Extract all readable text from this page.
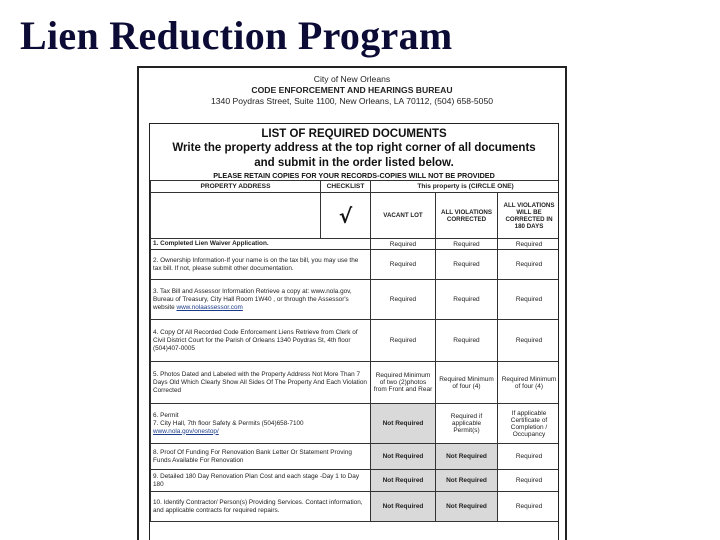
Lien Reduction Program
City of New Orleans
CODE ENFORCEMENT AND HEARINGS BUREAU
1340 Poydras Street, Suite 1100, New Orleans, LA 70112, (504) 658-5050
LIST OF REQUIRED DOCUMENTS
Write the property address at the top right corner of all documents
and submit in the order listed below.
PLEASE RETAIN COPIES FOR YOUR RECORDS-COPIES WILL NOT BE PROVIDED
PROPERTY ADDRESS	CHECKLIST	This property is (CIRCLE ONE)		
	√	VACANT LOT	ALL VIOLATIONS CORRECTED	ALL VIOLATIONS WILL BE CORRECTED IN 180 DAYS
1. Completed Lien Waiver Application.		Required	Required	Required
2. Ownership Information-If your name is on the tax bill, you may use the tax bill. If not, please submit other documentation.		Required	Required	Required
3. Tax Bill and Assessor Information Retrieve a copy at: www.nola.gov, Bureau of Treasury, City Hall Room 1W40 , or through the Assessor's website www.nolaassessor.com		Required	Required	Required
4. Copy Of All Recorded Code Enforcement Liens Retrieve from Clerk of Civil District Court for the Parish of Orleans 1340 Poydras St, 4th floor (504)407-0005		Required	Required	Required
5. Photos Dated and Labeled with the Property Address Not More Than 7 Days Old Which Clearly Show All Sides Of The Property And Each Violation Corrected		Required Minimum of two (2)photos from Front and Rear	Required Minimum of four (4)	Required Minimum of four (4)
6. Permit
7. City Hall, 7th floor Safety & Permits (504)658-7100 www.nola.gov/onestop/		Not Required	Required if applicable Permit(s)	If applicable Certificate of Completion / Occupancy
8. Proof Of Funding For Renovation Bank Letter Or Statement Proving Funds Available For Renovation		Not Required	Not Required	Required
9. Detailed 180 Day Renovation Plan Cost and each stage -Day 1 to Day 180		Not Required	Not Required	Required
10. Identify Contractor/ Person(s) Providing Services. Contact information, and applicable contracts for required repairs.		Not Required	Not Required	Required
